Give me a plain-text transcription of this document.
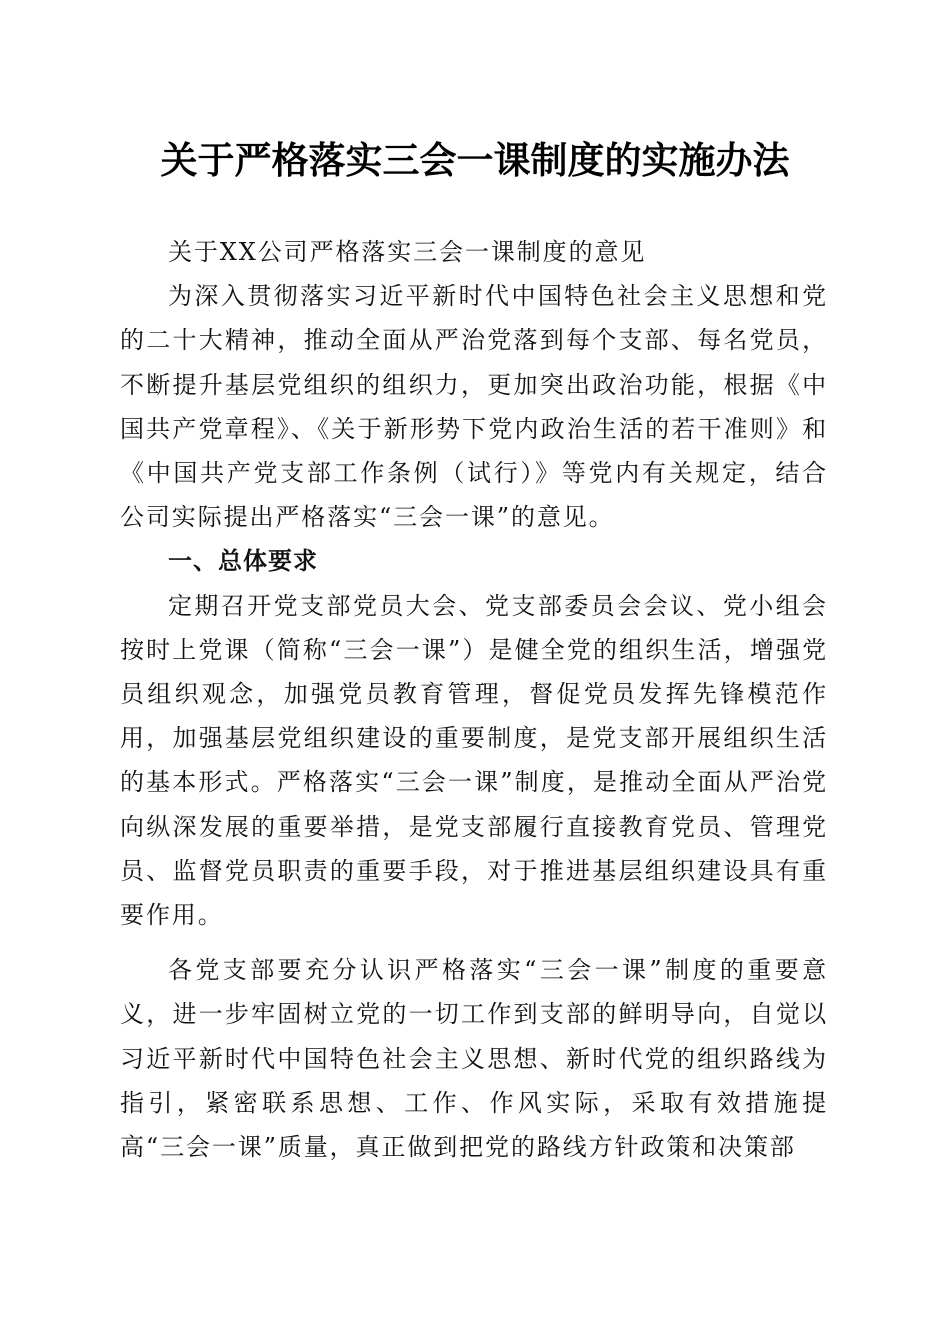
关于严格落实三会一课制度的实施办法

关于XX公司严格落实三会一课制度的意见

为深入贯彻落实习近平新时代中国特色社会主义思想和党的二十大精神，推动全面从严治党落到每个支部、每名党员，不断提升基层党组织的组织力，更加突出政治功能，根据《中国共产党章程》、《关于新形势下党内政治生活的若干准则》和《中国共产党支部工作条例（试行）》等党内有关规定，结合公司实际提出严格落实“三会一课”的意见。

一、总体要求

定期召开党支部党员大会、党支部委员会会议、党小组会按时上党课（简称“三会一课”）是健全党的组织生活，增强党员组织观念，加强党员教育管理，督促党员发挥先锋模范作用，加强基层党组织建设的重要制度，是党支部开展组织生活的基本形式。严格落实“三会一课”制度，是推动全面从严治党向纵深发展的重要举措，是党支部履行直接教育党员、管理党员、监督党员职责的重要手段，对于推进基层组织建设具有重要作用。

各党支部要充分认识严格落实“三会一课”制度的重要意义，进一步牢固树立党的一切工作到支部的鲜明导向，自觉以习近平新时代中国特色社会主义思想、新时代党的组织路线为指引，紧密联系思想、工作、作风实际，采取有效措施提高“三会一课”质量，真正做到把党的路线方针政策和决策部
